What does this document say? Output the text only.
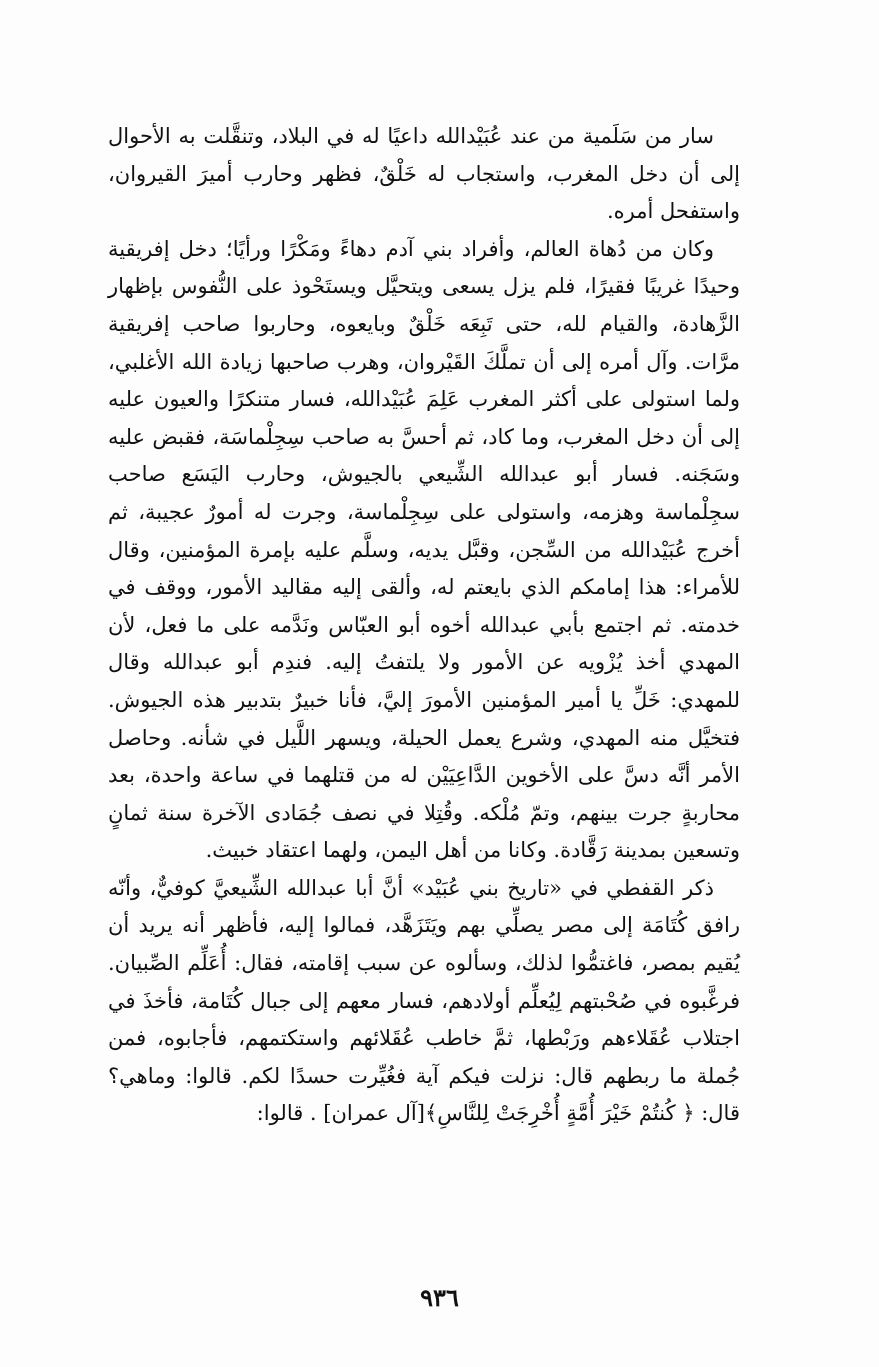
سار من سَلَمية من عند عُبَيْدالله داعيًا له في البلاد، وتنقَّلت به الأحوال إلى أن دخل المغرب، واستجاب له خَلْقٌ، فظهر وحارب أميرَ القيروان، واستفحل أمره.

وكان من دُهاة العالم، وأفراد بني آدم دهاءً ومَكْرًا ورأيًا؛ دخل إفريقية وحيدًا غريبًا فقيرًا، فلم يزل يسعى ويتحيَّل ويستَحْوذ على النُّفوس بإظهار الزَّهادة، والقيام لله، حتى تَبِعَه خَلْقٌ وبايعوه، وحاربوا صاحب إفريقية مرَّات. وآل أمره إلى أن تملَّكَ القَيْروان، وهرب صاحبها زيادة الله الأغلبي، ولما استولى على أكثر المغرب عَلِمَ عُبَيْدالله، فسار متنكرًا والعيون عليه إلى أن دخل المغرب، وما كاد، ثم أحسَّ به صاحب سِجِلْماسَة، فقبض عليه وسَجَنه. فسار أبو عبدالله الشِّيعي بالجيوش، وحارب اليَسَع صاحب سجِلْماسة وهزمه، واستولى على سِجِلْماسة، وجرت له أمورٌ عجيبة، ثم أخرج عُبَيْدالله من السِّجن، وقبَّل يديه، وسلَّم عليه بإمرة المؤمنين، وقال للأمراء: هذا إمامكم الذي بايعتم له، وألقى إليه مقاليد الأمور، ووقف في خدمته. ثم اجتمع بأبي عبدالله أخوه أبو العبّاس ونَدَّمه على ما فعل، لأن المهدي أخذ يُزْويه عن الأمور ولا يلتفتُ إليه. فندِم أبو عبدالله وقال للمهدي: خَلِّ يا أمير المؤمنين الأمورَ إليَّ، فأنا خبيرٌ بتدبير هذه الجيوش. فتخيَّل منه المهدي، وشرع يعمل الحيلة، ويسهر اللَّيل في شأنه. وحاصل الأمر أنَّه دسَّ على الأخوين الدَّاعِيَيْن له من قتلهما في ساعة واحدة، بعد محاربةٍ جرت بينهم، وتمّ مُلْكه. وقُتِلا في نصف جُمَادى الآخرة سنة ثمانٍ وتسعين بمدينة رَقَّادة. وكانا من أهل اليمن، ولهما اعتقاد خبيث.

ذكر القفطي في «تاريخ بني عُبَيْد» أنَّ أبا عبدالله الشِّيعيَّ كوفيٌّ، وأنّه رافق كُتَامَة إلى مصر يصلِّي بهم ويَتَزَهَّد، فمالوا إليه، فأظهر أنه يريد أن يُقيم بمصر، فاغتمُّوا لذلك، وسألوه عن سبب إقامته، فقال: أُعَلِّم الصِّبيان. فرغَّبوه في صُحْبتهم لِيُعلِّم أولادهم، فسار معهم إلى جبال كُتَامة، فأخذَ في اجتلاب عُقَلاءهم ورَبْطها، ثمَّ خاطب عُقَلائهم واستكتمهم، فأجابوه، فمن جُملة ما ربطهم قال: نزلت فيكم آية فغُيِّرت حسدًا لكم. قالوا: وماهي؟ قال: ﴿ كُنتُمْ خَيْرَ أُمَّةٍ أُخْرِجَتْ لِلنَّاسِ﴾[آل عمران] . قالوا:

٩٣٦
